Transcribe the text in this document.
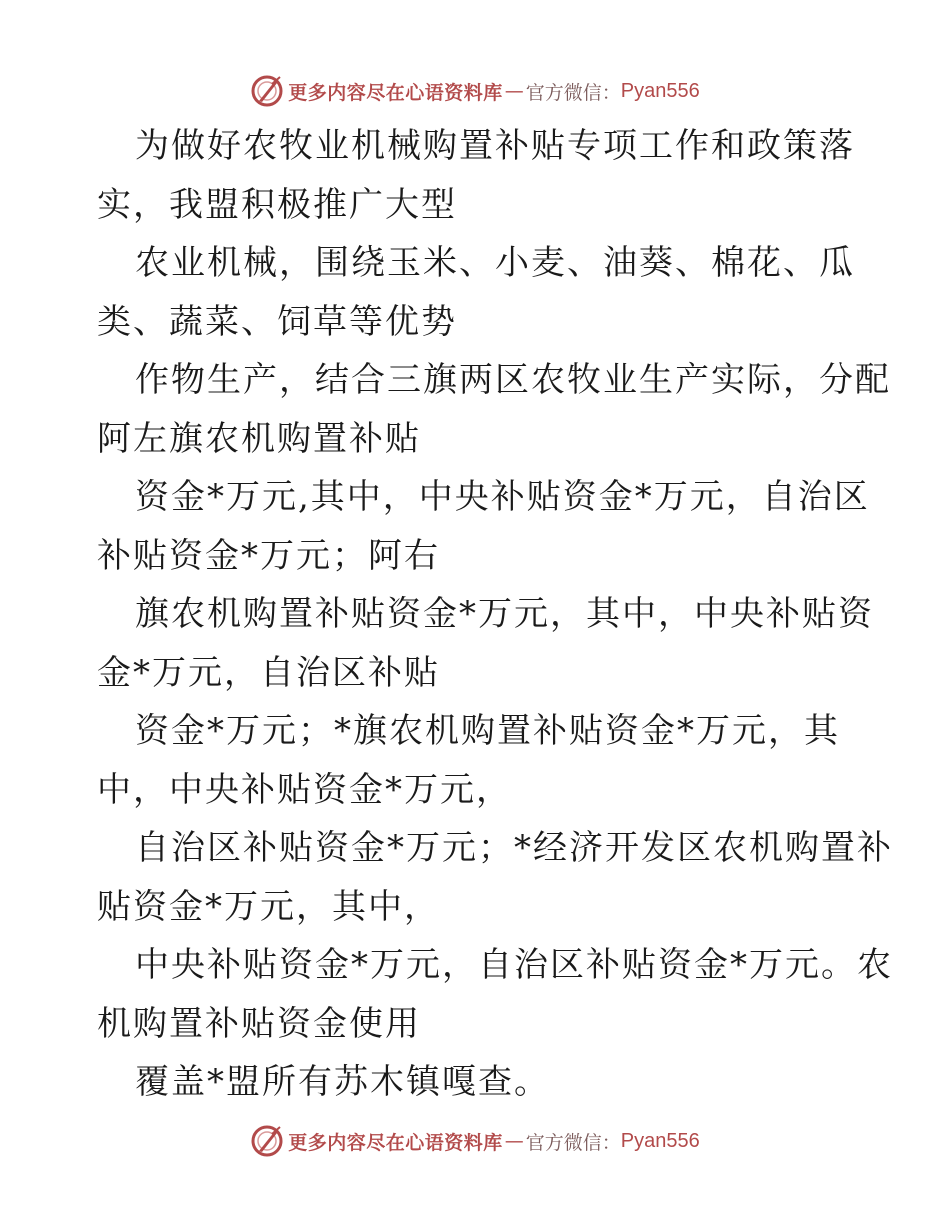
更多内容尽在心语资料库 — 官方微信： Pyan556
为做好农牧业机械购置补贴专项工作和政策落
实，我盟积极推广大型
农业机械，围绕玉米、小麦、油葵、棉花、瓜
类、蔬菜、饲草等优势
作物生产，结合三旗两区农牧业生产实际，分配
阿左旗农机购置补贴
资金*万元,其中，中央补贴资金*万元，自治区
补贴资金*万元；阿右
旗农机购置补贴资金*万元，其中，中央补贴资
金*万元，自治区补贴
资金*万元；*旗农机购置补贴资金*万元，其
中，中央补贴资金*万元，
自治区补贴资金*万元；*经济开发区农机购置补
贴资金*万元，其中，
中央补贴资金*万元，自治区补贴资金*万元。农
机购置补贴资金使用
覆盖*盟所有苏木镇嘎查。
更多内容尽在心语资料库 — 官方微信： Pyan556
